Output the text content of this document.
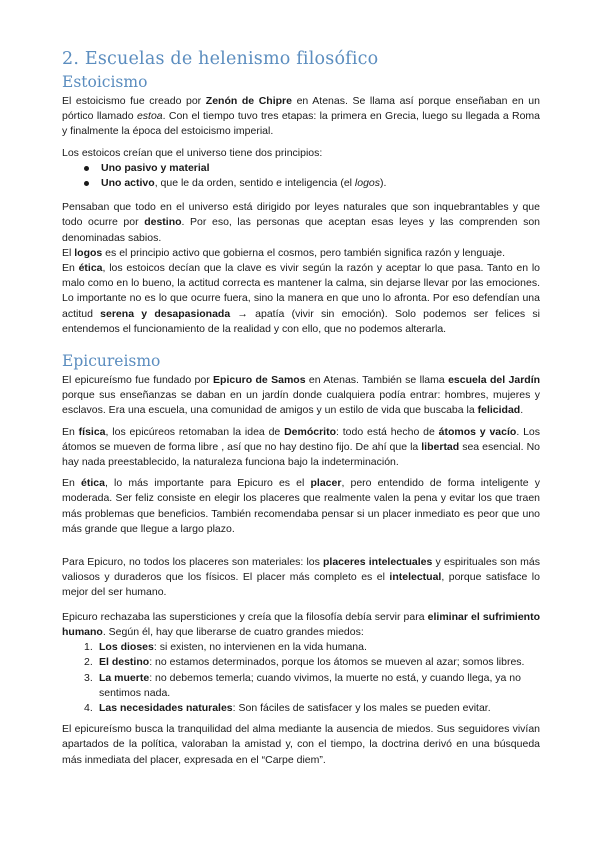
2. Escuelas de helenismo filosófico
Estoicismo

El estoicismo fue creado por Zenón de Chipre en Atenas. Se llama así porque enseñaban en un pórtico llamado estoa. Con el tiempo tuvo tres etapas: la primera en Grecia, luego su llegada a Roma y finalmente la época del estoicismo imperial.

Los estoicos creían que el universo tiene dos principios:

Uno pasivo y material
Uno activo, que le da orden, sentido e inteligencia (el logos).

Pensaban que todo en el universo está dirigido por leyes naturales que son inquebrantables y que todo ocurre por destino. Por eso, las personas que aceptan esas leyes y las comprenden son denominadas sabios.

El logos es el principio activo que gobierna el cosmos, pero también significa razón y lenguaje.

En ética, los estoicos decían que la clave es vivir según la razón y aceptar lo que pasa. Tanto en lo malo como en lo bueno, la actitud correcta es mantener la calma, sin dejarse llevar por las emociones. Lo importante no es lo que ocurre fuera, sino la manera en que uno lo afronta. Por eso defendían una actitud serena y desapasionada → apatía (vivir sin emoción). Solo podemos ser felices si entendemos el funcionamiento de la realidad y con ello, que no podemos alterarla.

Epicureismo

El epicureísmo fue fundado por Epicuro de Samos en Atenas. También se llama escuela del Jardín porque sus enseñanzas se daban en un jardín donde cualquiera podía entrar: hombres, mujeres y esclavos. Era una escuela, una comunidad de amigos y un estilo de vida que buscaba la felicidad.

En física, los epicúreos retomaban la idea de Demócrito: todo está hecho de átomos y vacío. Los átomos se mueven de forma libre , así que no hay destino fijo. De ahí que la libertad sea esencial. No hay nada preestablecido, la naturaleza funciona bajo la indeterminación.

En ética, lo más importante para Epicuro es el placer, pero entendido de forma inteligente y moderada. Ser feliz consiste en elegir los placeres que realmente valen la pena y evitar los que traen más problemas que beneficios. También recomendaba pensar si un placer inmediato es peor que uno más grande que llegue a largo plazo.

Para Epicuro, no todos los placeres son materiales: los placeres intelectuales y espirituales son más valiosos y duraderos que los físicos. El placer más completo es el intelectual, porque satisface lo mejor del ser humano.

Epicuro rechazaba las supersticiones y creía que la filosofía debía servir para eliminar el sufrimiento humano. Según él, hay que liberarse de cuatro grandes miedos:

1. Los dioses: si existen, no intervienen en la vida humana.
2. El destino: no estamos determinados, porque los átomos se mueven al azar; somos libres.
3. La muerte: no debemos temerla; cuando vivimos, la muerte no está, y cuando llega, ya no sentimos nada.
4. Las necesidades naturales: Son fáciles de satisfacer y los males se pueden evitar.

El epicureísmo busca la tranquilidad del alma mediante la ausencia de miedos. Sus seguidores vivían apartados de la política, valoraban la amistad y, con el tiempo, la doctrina derivó en una búsqueda más inmediata del placer, expresada en el “Carpe diem”.
